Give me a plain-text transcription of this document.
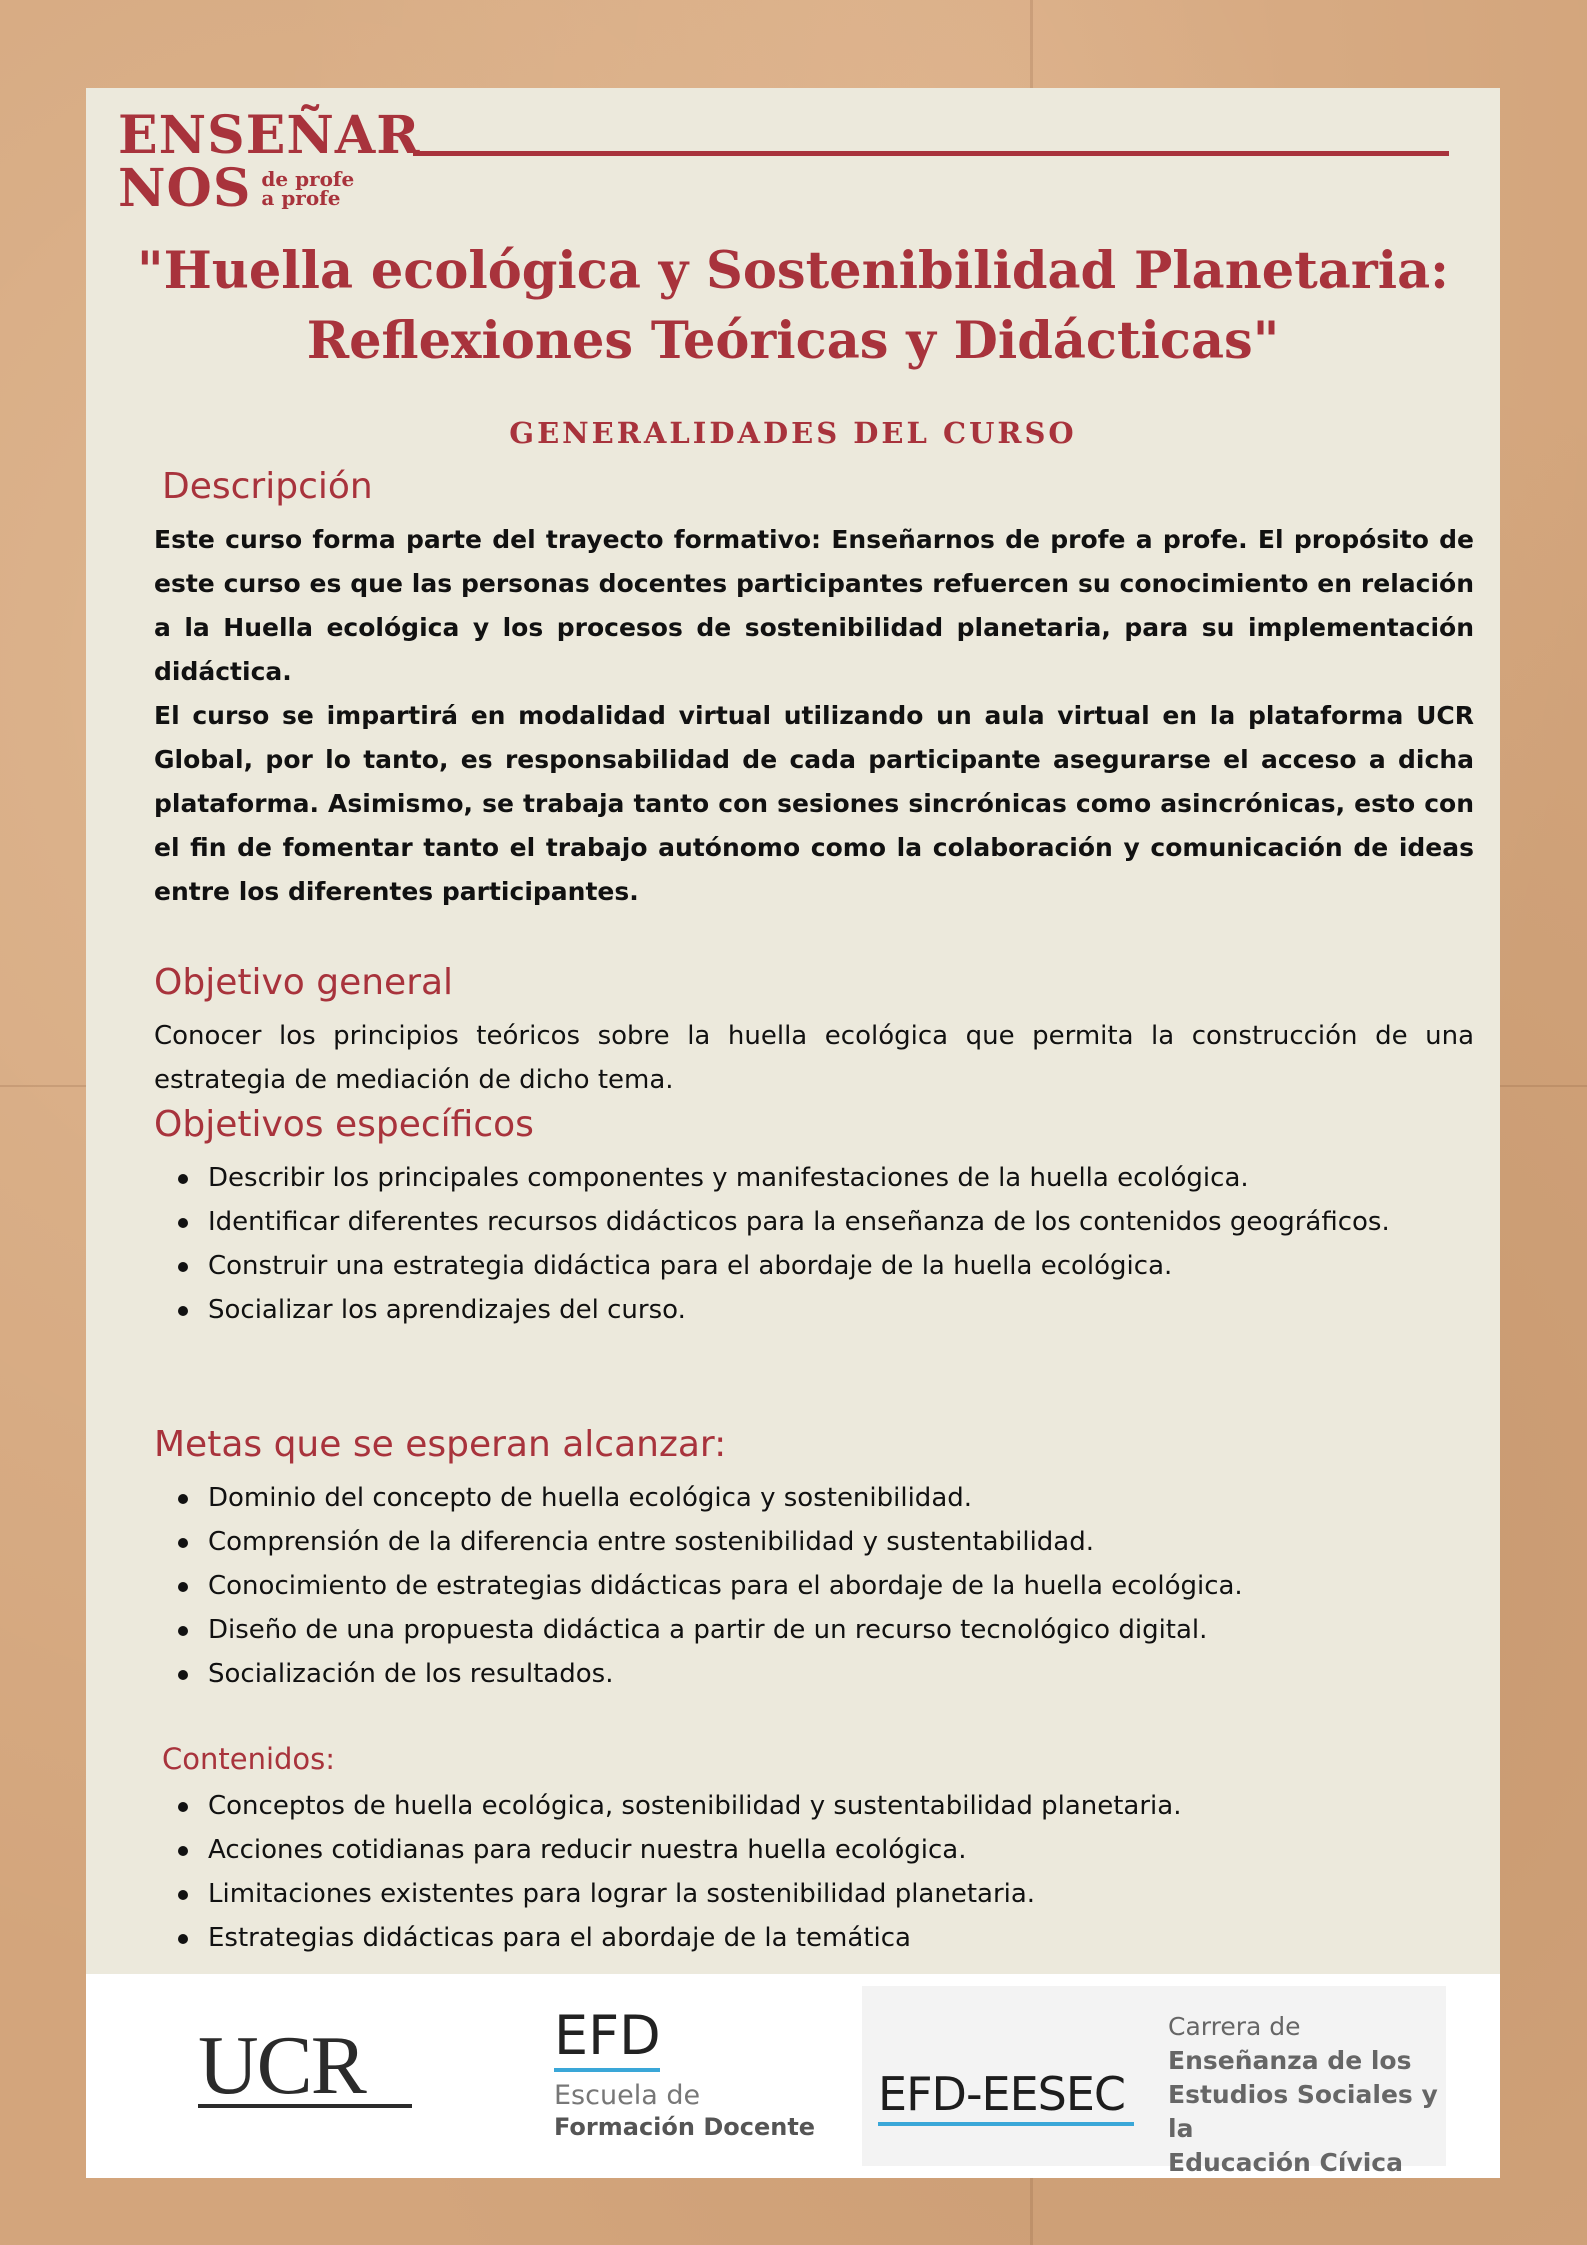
ENSEÑAR
NOS de profe
a profe
"Huella ecológica y Sostenibilidad Planetaria: Reflexiones Teóricas y Didácticas"
GENERALIDADES DEL CURSO
Descripción
Este curso forma parte del trayecto formativo: Enseñarnos de profe a profe. El propósito de este curso es que las personas docentes participantes refuercen su conocimiento en relación a la Huella ecológica y los procesos de sostenibilidad planetaria, para su implementación didáctica.
El curso se impartirá en modalidad virtual utilizando un aula virtual en la plataforma UCR Global, por lo tanto, es responsabilidad de cada participante asegurarse el acceso a dicha plataforma. Asimismo, se trabaja tanto con sesiones sincrónicas como asincrónicas, esto con el fin de fomentar tanto el trabajo autónomo como la colaboración y comunicación de ideas entre los diferentes participantes.
Objetivo general
Conocer los principios teóricos sobre la huella ecológica que permita la construcción de una estrategia de mediación de dicho tema.
Objetivos específicos
Describir los principales componentes y manifestaciones de la huella ecológica.
Identificar diferentes recursos didácticos para la enseñanza de los contenidos geográficos.
Construir una estrategia didáctica para el abordaje de la huella ecológica.
Socializar los aprendizajes del curso.
Metas que se esperan alcanzar:
Dominio del concepto de huella ecológica y sostenibilidad.
Comprensión de la diferencia entre sostenibilidad y sustentabilidad.
Conocimiento de estrategias didácticas para el abordaje de la huella ecológica.
Diseño de una propuesta didáctica a partir de un recurso tecnológico digital.
Socialización de los resultados.
Contenidos:
Conceptos de huella ecológica, sostenibilidad y sustentabilidad planetaria.
Acciones cotidianas para reducir nuestra huella ecológica.
Limitaciones existentes para lograr la sostenibilidad planetaria.
Estrategias didácticas para el abordaje de la temática
UCR	EFD
Escuela de
Formación Docente
EFD-EESEC
Carrera de
Enseñanza de los
Estudios Sociales y la
Educación Cívica
